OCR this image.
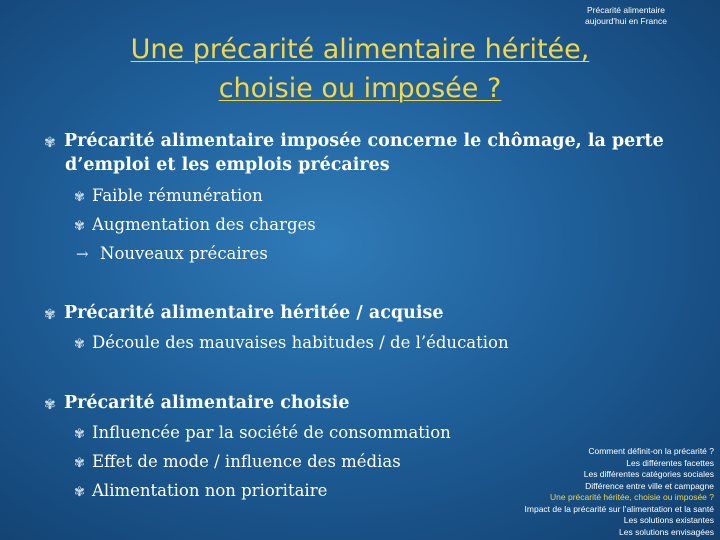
Précarité alimentaire
aujourd'hui en France
Une précarité alimentaire héritée,
choisie ou imposée ?
✾ Précarité alimentaire imposée concerne le chômage, la perte
d’emploi et les emplois précaires
✾ Faible rémunération
✾ Augmentation des charges
→ Nouveaux précaires
✾ Précarité alimentaire héritée / acquise
✾ Découle des mauvaises habitudes / de l’éducation
✾ Précarité alimentaire choisie
✾ Influencée par la société de consommation
✾ Effet de mode / influence des médias
✾ Alimentation non prioritaire
Comment définit-on la précarité ?
Les différentes facettes
Les différentes catégories sociales
Différence entre ville et campagne
Une précarité héritée, choisie ou imposée ?
Impact de la précarité sur l’alimentation et la santé
Les solutions existantes
Les solutions envisagées
